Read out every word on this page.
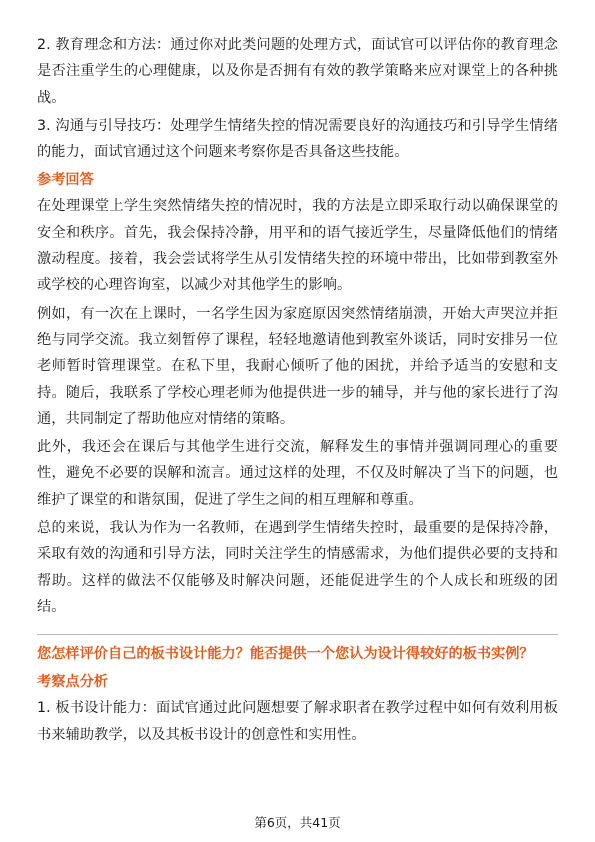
2. 教育理念和方法：通过你对此类问题的处理方式，面试官可以评估你的教育理念是否注重学生的心理健康，以及你是否拥有有效的教学策略来应对课堂上的各种挑战。

3. 沟通与引导技巧：处理学生情绪失控的情况需要良好的沟通技巧和引导学生情绪的能力，面试官通过这个问题来考察你是否具备这些技能。

参考回答

在处理课堂上学生突然情绪失控的情况时，我的方法是立即采取行动以确保课堂的安全和秩序。首先，我会保持冷静，用平和的语气接近学生，尽量降低他们的情绪激动程度。接着，我会尝试将学生从引发情绪失控的环境中带出，比如带到教室外或学校的心理咨询室，以减少对其他学生的影响。

例如，有一次在上课时，一名学生因为家庭原因突然情绪崩溃，开始大声哭泣并拒绝与同学交流。我立刻暂停了课程，轻轻地邀请他到教室外谈话，同时安排另一位老师暂时管理课堂。在私下里，我耐心倾听了他的困扰，并给予适当的安慰和支持。随后，我联系了学校心理老师为他提供进一步的辅导，并与他的家长进行了沟通，共同制定了帮助他应对情绪的策略。

此外，我还会在课后与其他学生进行交流，解释发生的事情并强调同理心的重要性，避免不必要的误解和流言。通过这样的处理，不仅及时解决了当下的问题，也维护了课堂的和谐氛围，促进了学生之间的相互理解和尊重。

总的来说，我认为作为一名教师，在遇到学生情绪失控时，最重要的是保持冷静，采取有效的沟通和引导方法，同时关注学生的情感需求，为他们提供必要的支持和帮助。这样的做法不仅能够及时解决问题，还能促进学生的个人成长和班级的团结。

您怎样评价自己的板书设计能力？能否提供一个您认为设计得较好的板书实例？
考察点分析

1. 板书设计能力：面试官通过此问题想要了解求职者在教学过程中如何有效利用板书来辅助教学，以及其板书设计的创意性和实用性。

第6页，共41页
